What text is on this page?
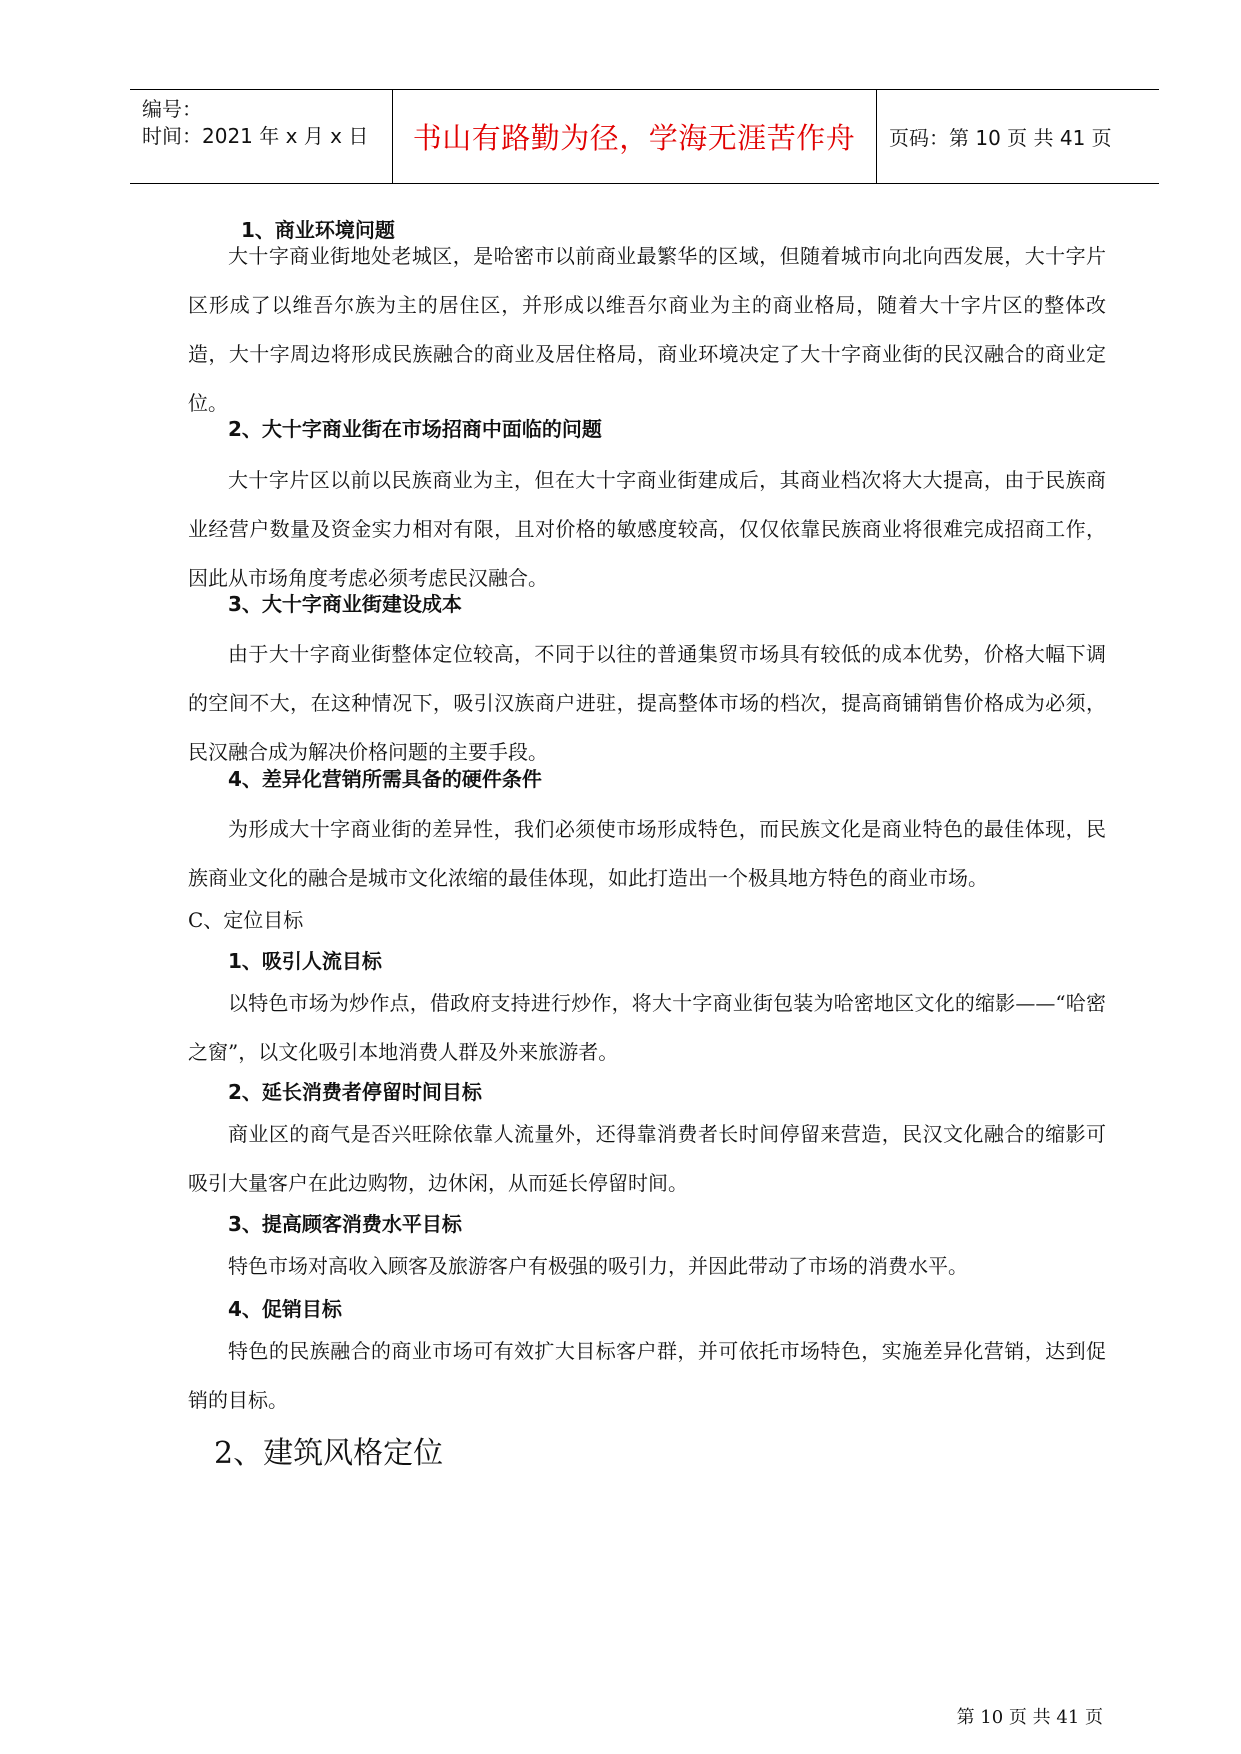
编号：
时间：2021 年 x 月 x 日 书山有路勤为径，学海无涯苦作舟 页码：第 10 页 共 41 页

1、商业环境问题

大十字商业街地处老城区，是哈密市以前商业最繁华的区域，但随着城市向北向西发展，大十字片区形成了以维吾尔族为主的居住区，并形成以维吾尔商业为主的商业格局，随着大十字片区的整体改造，大十字周边将形成民族融合的商业及居住格局，商业环境决定了大十字商业街的民汉融合的商业定位。

2、大十字商业街在市场招商中面临的问题

大十字片区以前以民族商业为主，但在大十字商业街建成后，其商业档次将大大提高，由于民族商业经营户数量及资金实力相对有限，且对价格的敏感度较高，仅仅依靠民族商业将很难完成招商工作，因此从市场角度考虑必须考虑民汉融合。

3、大十字商业街建设成本

由于大十字商业街整体定位较高，不同于以往的普通集贸市场具有较低的成本优势，价格大幅下调的空间不大，在这种情况下，吸引汉族商户进驻，提高整体市场的档次，提高商铺销售价格成为必须，民汉融合成为解决价格问题的主要手段。

4、差异化营销所需具备的硬件条件

为形成大十字商业街的差异性，我们必须使市场形成特色，而民族文化是商业特色的最佳体现，民族商业文化的融合是城市文化浓缩的最佳体现，如此打造出一个极具地方特色的商业市场。

C、定位目标

1、吸引人流目标

以特色市场为炒作点，借政府支持进行炒作，将大十字商业街包装为哈密地区文化的缩影——“哈密之窗”，以文化吸引本地消费人群及外来旅游者。

2、延长消费者停留时间目标

商业区的商气是否兴旺除依靠人流量外，还得靠消费者长时间停留来营造，民汉文化融合的缩影可吸引大量客户在此边购物，边休闲，从而延长停留时间。

3、提高顾客消费水平目标

特色市场对高收入顾客及旅游客户有极强的吸引力，并因此带动了市场的消费水平。

4、促销目标

特色的民族融合的商业市场可有效扩大目标客户群，并可依托市场特色，实施差异化营销，达到促销的目标。

2、建筑风格定位

第 10 页 共 41 页
